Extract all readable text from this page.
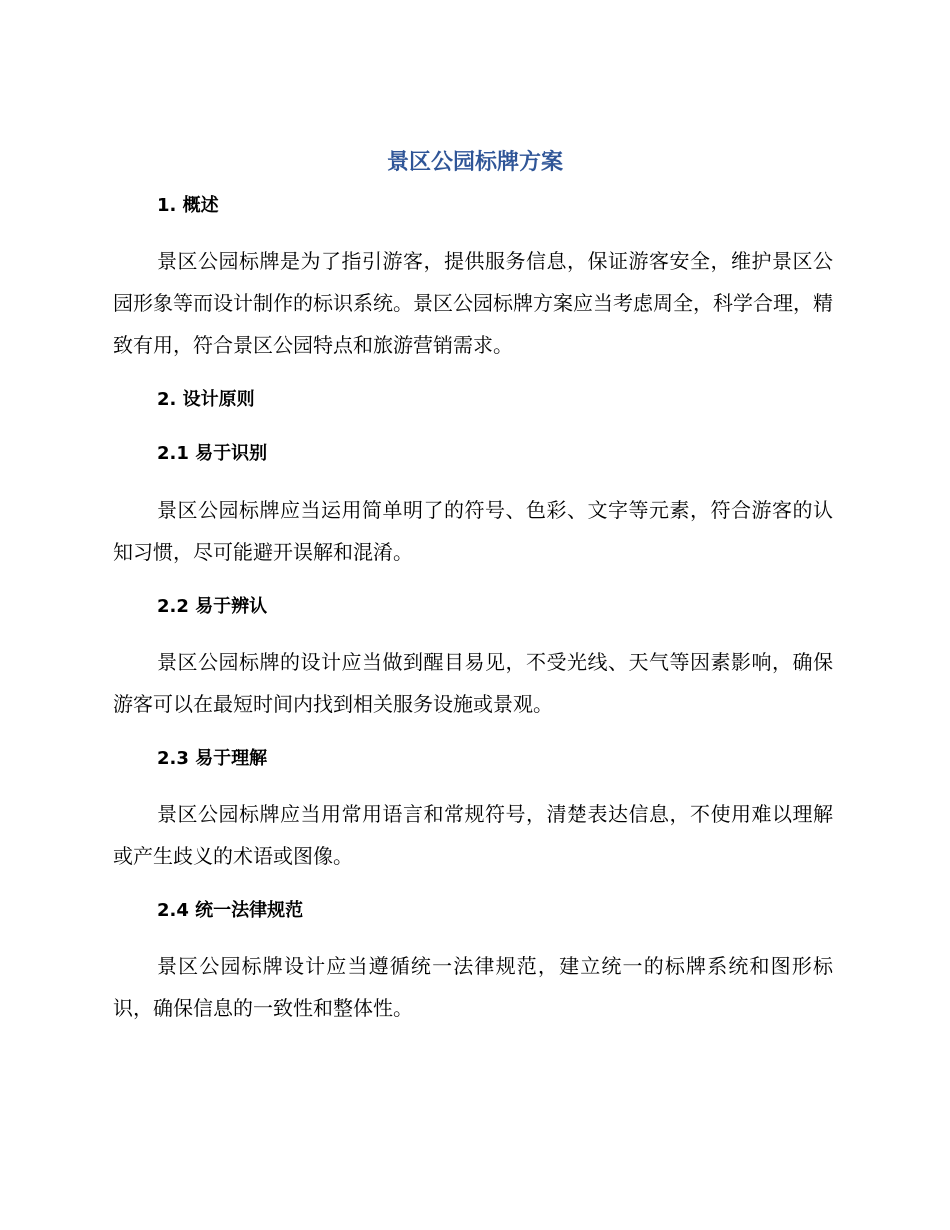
景区公园标牌方案
1. 概述

景区公园标牌是为了指引游客，提供服务信息，保证游客安全，维护景区公园形象等而设计制作的标识系统。景区公园标牌方案应当考虑周全，科学合理，精致有用，符合景区公园特点和旅游营销需求。

2. 设计原则
2.1 易于识别

景区公园标牌应当运用简单明了的符号、色彩、文字等元素，符合游客的认知习惯，尽可能避开误解和混淆。

2.2 易于辨认

景区公园标牌的设计应当做到醒目易见，不受光线、天气等因素影响，确保游客可以在最短时间内找到相关服务设施或景观。

2.3 易于理解

景区公园标牌应当用常用语言和常规符号，清楚表达信息，不使用难以理解或产生歧义的术语或图像。

2.4 统一法律规范

景区公园标牌设计应当遵循统一法律规范，建立统一的标牌系统和图形标识，确保信息的一致性和整体性。
